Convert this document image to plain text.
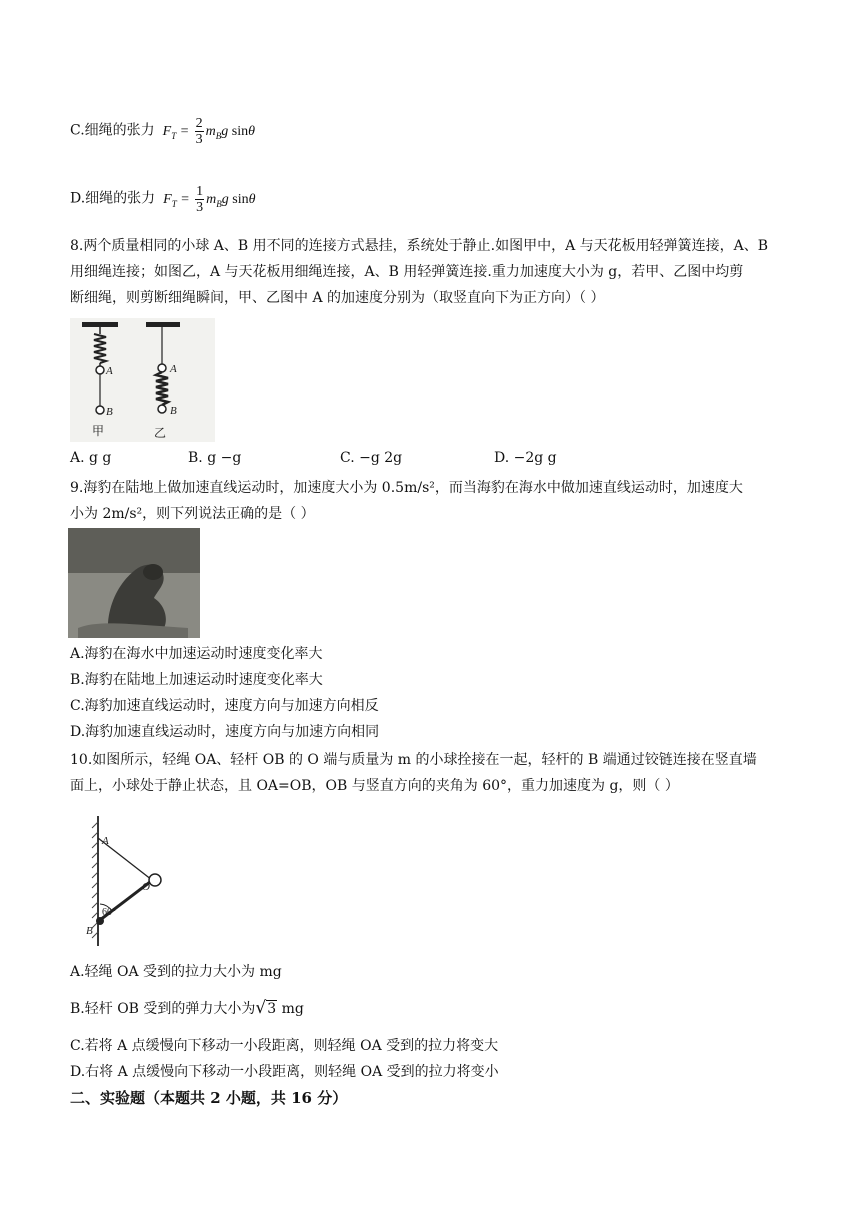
C.细绳的张力  $F_T = \frac{2}{3} m_Bg$ sinθ
D.细绳的张力  $F_T = \frac{1}{3} m_Bg$ sinθ
8.两个质量相同的小球 A、B 用不同的连接方式悬挂，系统处于静止.如图甲中，A 与天花板用轻弹簧连接，A、B
用细绳连接；如图乙，A 与天花板用细绳连接，A、B 用轻弹簧连接.重力加速度大小为 g，若甲、乙图中均剪
断细绳，则剪断细绳瞬间，甲、乙图中 A 的加速度分别为（取竖直向下为正方向）（ ）
A
B
A
B
甲	乙
A. g g	B. g −g	C. −g 2g	D. −2g g
9.海豹在陆地上做加速直线运动时，加速度大小为 0.5m/s²，而当海豹在海水中做加速直线运动时，加速度大
小为 2m/s²，则下列说法正确的是（ ）
A.海豹在海水中加速运动时速度变化率大
B.海豹在陆地上加速运动时速度变化率大
C.海豹加速直线运动时，速度方向与加速方向相反
D.海豹加速直线运动时，速度方向与加速方向相同
10.如图所示，轻绳 OA、轻杆 OB 的 O 端与质量为 m 的小球拴接在一起，轻杆的 B 端通过铰链连接在竖直墙
面上，小球处于静止状态，且 OA=OB，OB 与竖直方向的夹角为 60°，重力加速度为 g，则（ ）
A
O
B
60°
A.轻绳 OA 受到的拉力大小为 mg
B.轻杆 OB 受到的弹力大小为√3 mg
C.若将 A 点缓慢向下移动一小段距离，则轻绳 OA 受到的拉力将变大
D.右将 A 点缓慢向下移动一小段距离，则轻绳 OA 受到的拉力将变小
二、实验题（本题共 2 小题，共 16 分）
